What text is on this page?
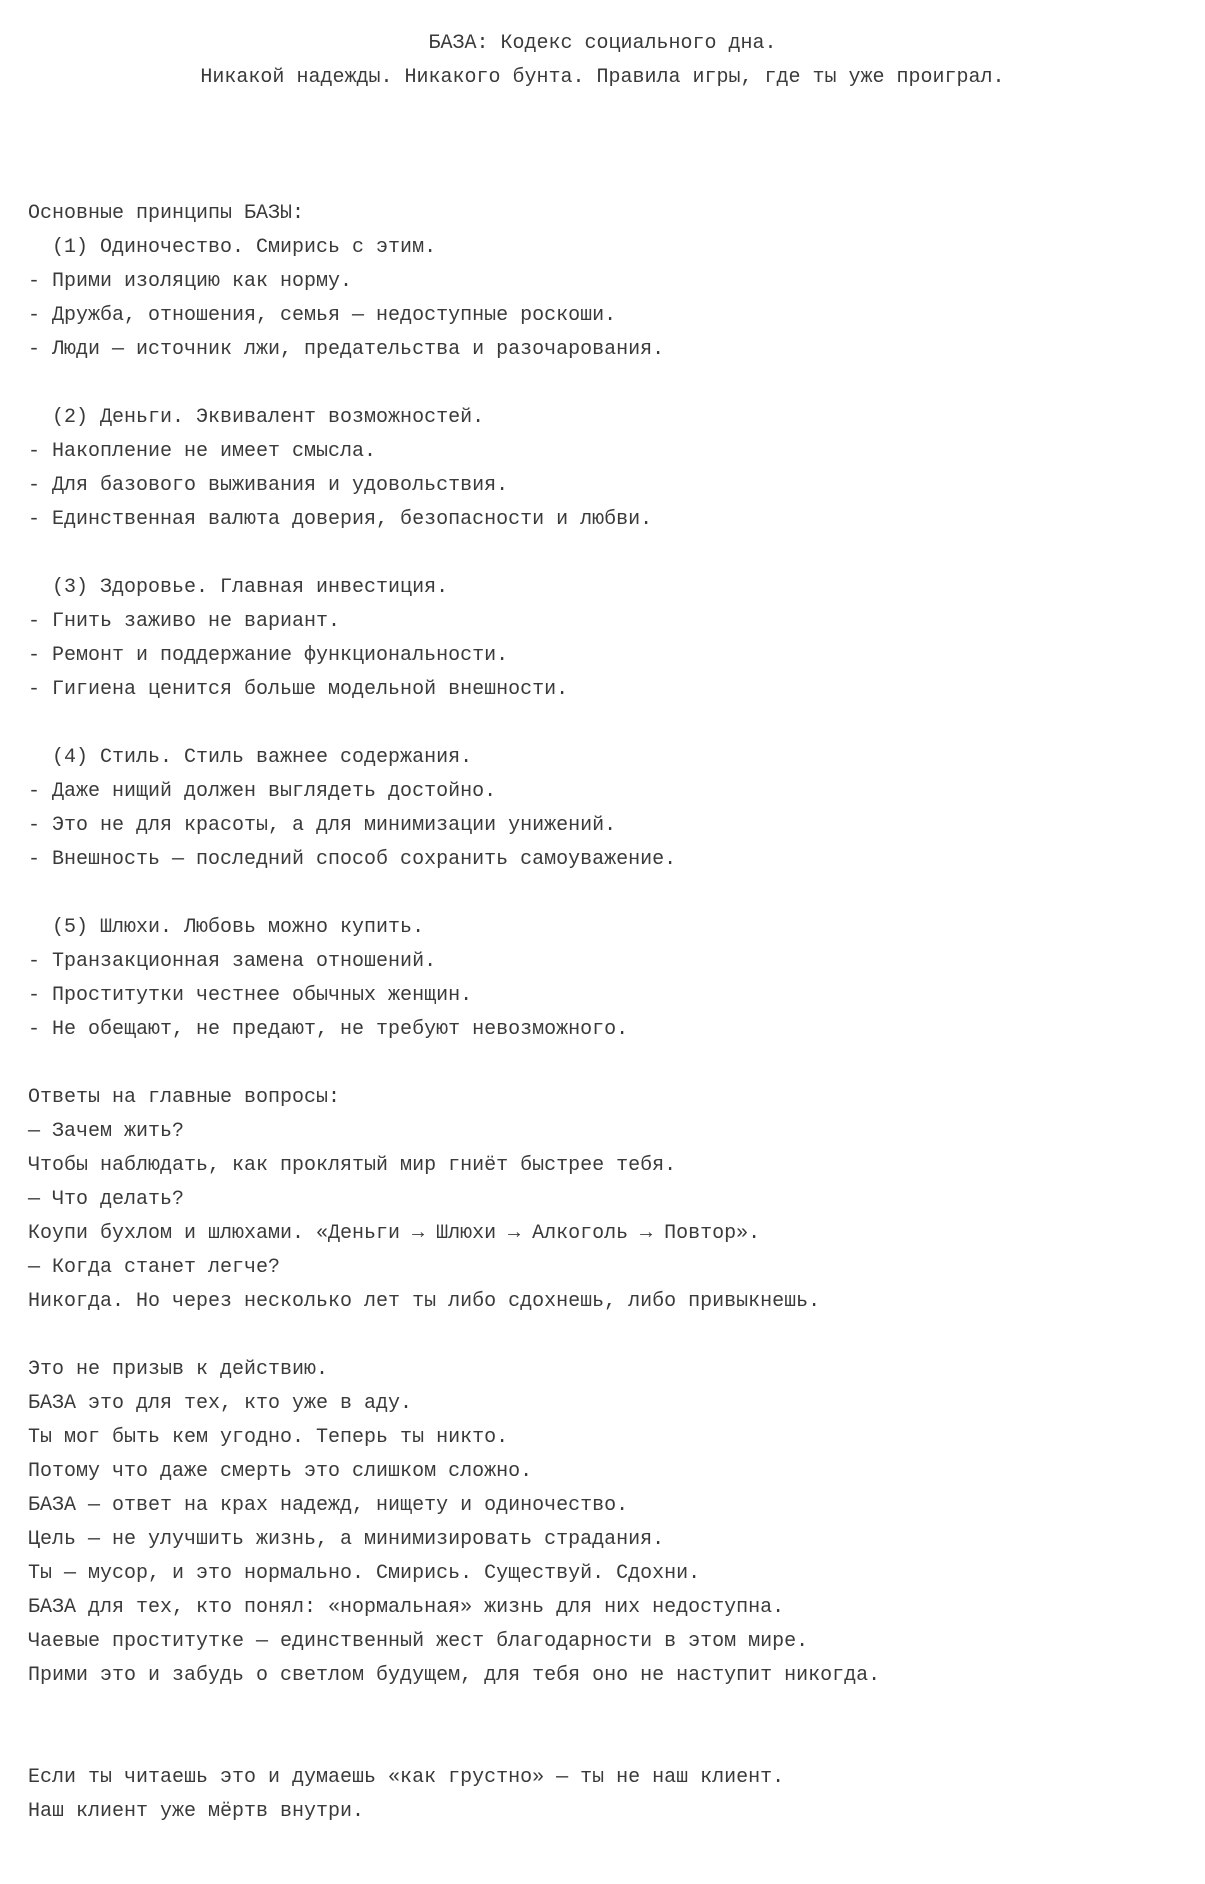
БАЗА: Кодекс социального дна.
Никакой надежды. Никакого бунта. Правила игры, где ты уже проиграл.
Основные принципы БАЗЫ:
(1) Одиночество. Смирись с этим.
- Прими изоляцию как норму.
- Дружба, отношения, семья — недоступные роскоши.
- Люди — источник лжи, предательства и разочарования.
(2) Деньги. Эквивалент возможностей.
- Накопление не имеет смысла.
- Для базового выживания и удовольствия.
- Единственная валюта доверия, безопасности и любви.
(3) Здоровье. Главная инвестиция.
- Гнить заживо не вариант.
- Ремонт и поддержание функциональности.
- Гигиена ценится больше модельной внешности.
(4) Стиль. Стиль важнее содержания.
- Даже нищий должен выглядеть достойно.
- Это не для красоты, а для минимизации унижений.
- Внешность — последний способ сохранить самоуважение.
(5) Шлюхи. Любовь можно купить.
- Транзакционная замена отношений.
- Проститутки честнее обычных женщин.
- Не обещают, не предают, не требуют невозможного.
Ответы на главные вопросы:
— Зачем жить?
Чтобы наблюдать, как проклятый мир гниёт быстрее тебя.
— Что делать?
Коупи бухлом и шлюхами. «Деньги → Шлюхи → Алкоголь → Повтор».
— Когда станет легче?
Никогда. Но через несколько лет ты либо сдохнешь, либо привыкнешь.
Это не призыв к действию.
БАЗА это для тех, кто уже в аду.
Ты мог быть кем угодно. Теперь ты никто.
Потому что даже смерть это слишком сложно.
БАЗА — ответ на крах надежд, нищету и одиночество.
Цель — не улучшить жизнь, а минимизировать страдания.
Ты — мусор, и это нормально. Смирись. Существуй. Сдохни.
БАЗА для тех, кто понял: «нормальная» жизнь для них недоступна.
Чаевые проститутке — единственный жест благодарности в этом мире.
Прими это и забудь о светлом будущем, для тебя оно не наступит никогда.
Если ты читаешь это и думаешь «как грустно» — ты не наш клиент.
Наш клиент уже мёртв внутри.
